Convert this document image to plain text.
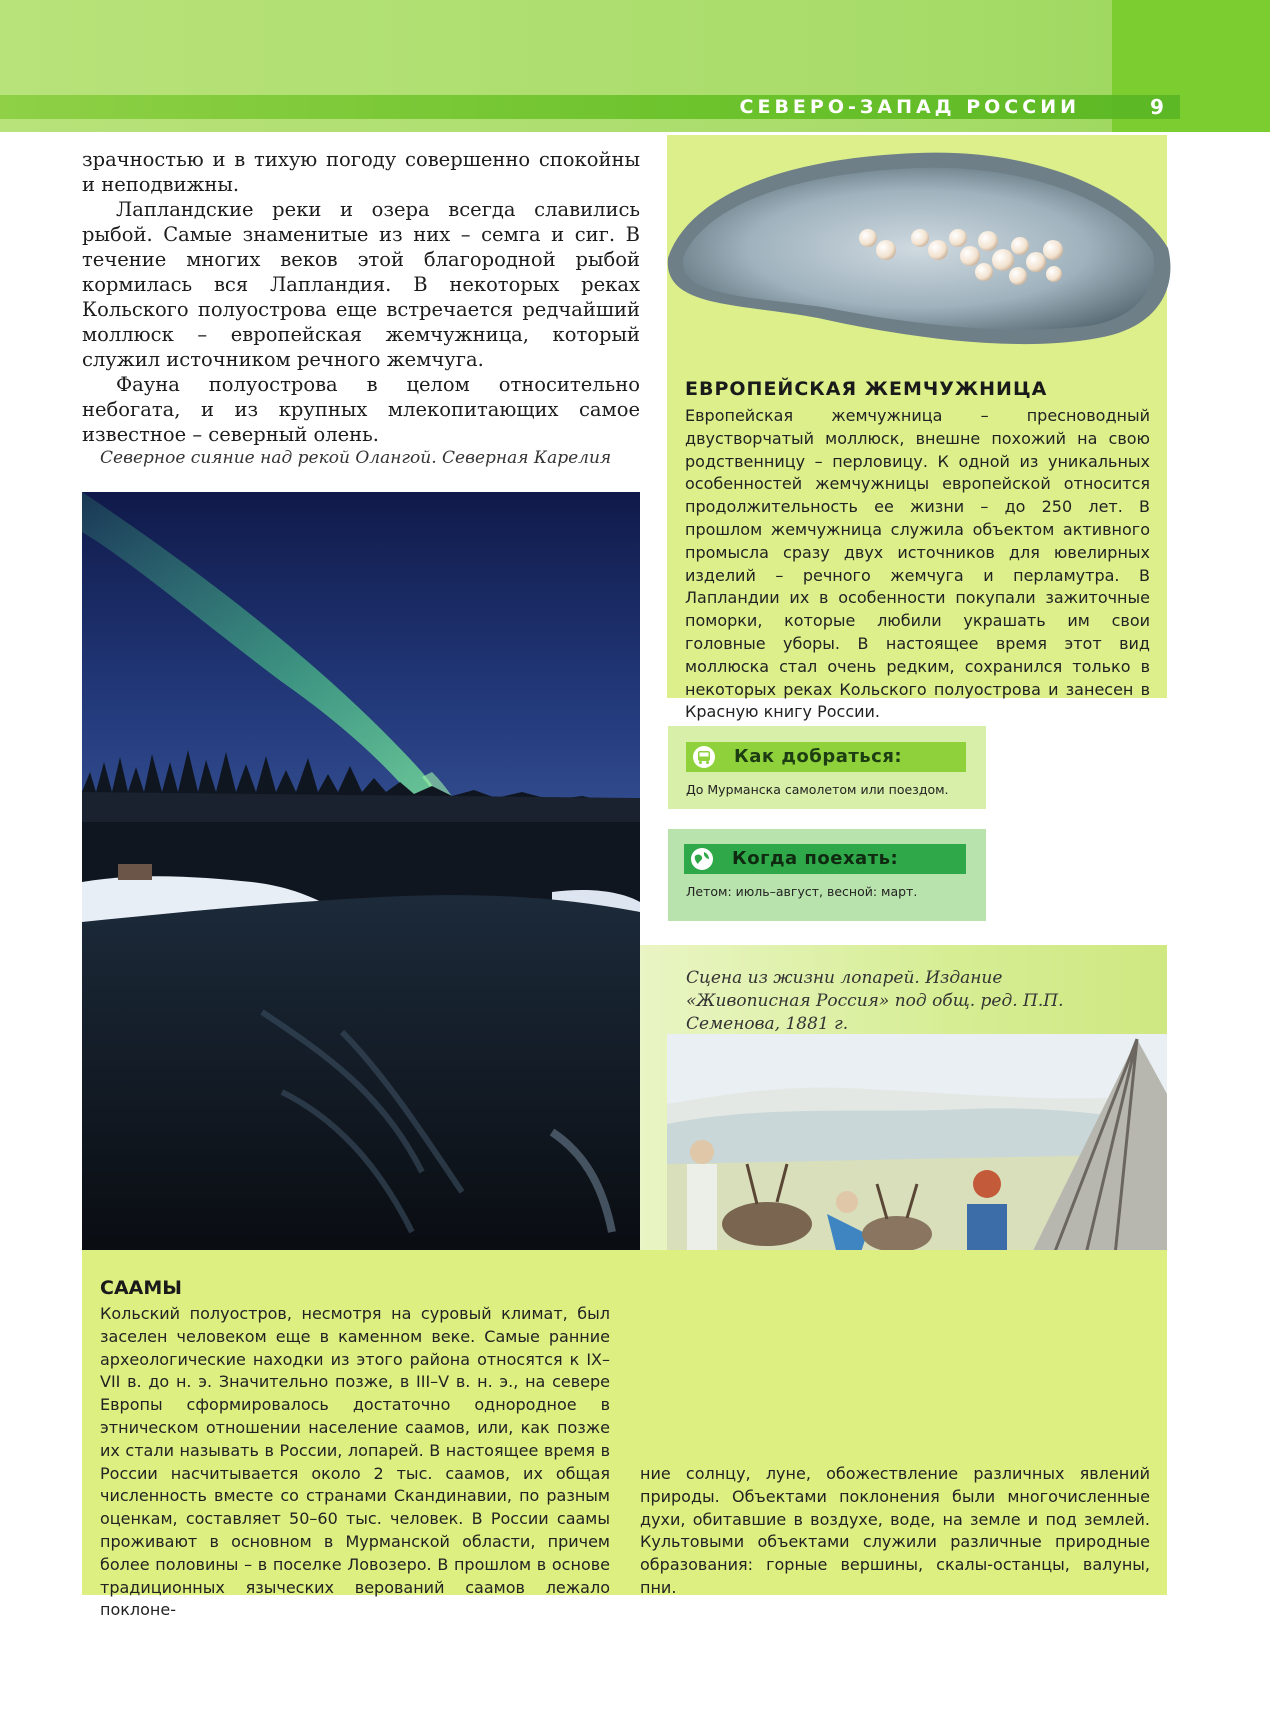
СЕВЕРО-ЗАПАД РОССИИ	9

зрачностью и в тихую погоду совершенно спокойны и неподвижны.

Лапландские реки и озера всегда славились рыбой. Самые знаменитые из них – семга и сиг. В течение многих веков этой благородной рыбой кормилась вся Лапландия. В некоторых реках Кольского полуострова еще встречается редчайший моллюск – европейская жемчужница, который служил источником речного жемчуга.

Фауна полуострова в целом относительно небогата, и из крупных млекопитающих самое известное – северный олень.

Северное сияние над рекой Олангой. Северная Карелия
ЕВРОПЕЙСКАЯ ЖЕМЧУЖНИЦА
Европейская жемчужница – пресноводный двустворчатый моллюск, внешне похожий на свою родственницу – перловицу. К одной из уникальных особенностей жемчужницы европейской относится продолжительность ее жизни – до 250 лет. В прошлом жемчужница служила объектом активного промысла сразу двух источников для ювелирных изделий – речного жемчуга и перламутра. В Лапландии их в особенности покупали зажиточные поморки, которые любили украшать им свои головные уборы. В настоящее время этот вид моллюска стал очень редким, сохранился только в некоторых реках Кольского полуострова и занесен в Красную книгу России.
Как добраться:
До Мурманска самолетом или поездом.
Когда поехать:
Летом: июль–август, весной: март.
Сцена из жизни лопарей. Издание «Живописная Россия» под общ. ред. П.П. Семенова, 1881 г.
СААМЫ
Кольский полуостров, несмотря на суровый климат, был заселен человеком еще в каменном веке. Самые ранние археологические находки из этого района относятся к IX–VII в. до н. э. Значительно позже, в III–V в. н. э., на севере Европы сформировалось достаточно однородное в этническом отношении население саамов, или, как позже их стали называть в России, лопарей. В настоящее время в России насчитывается около 2 тыс. саамов, их общая численность вместе со странами Скандинавии, по разным оценкам, составляет 50–60 тыс. человек. В России саамы проживают в основном в Мурманской области, причем более половины – в поселке Ловозеро. В прошлом в основе традиционных языческих верований саамов лежало поклоне-
ние солнцу, луне, обожествление различных явлений природы. Объектами поклонения были многочисленные духи, обитавшие в воздухе, воде, на земле и под землей. Культовыми объектами служили различные природные образования: горные вершины, скалы-останцы, валуны, пни.
